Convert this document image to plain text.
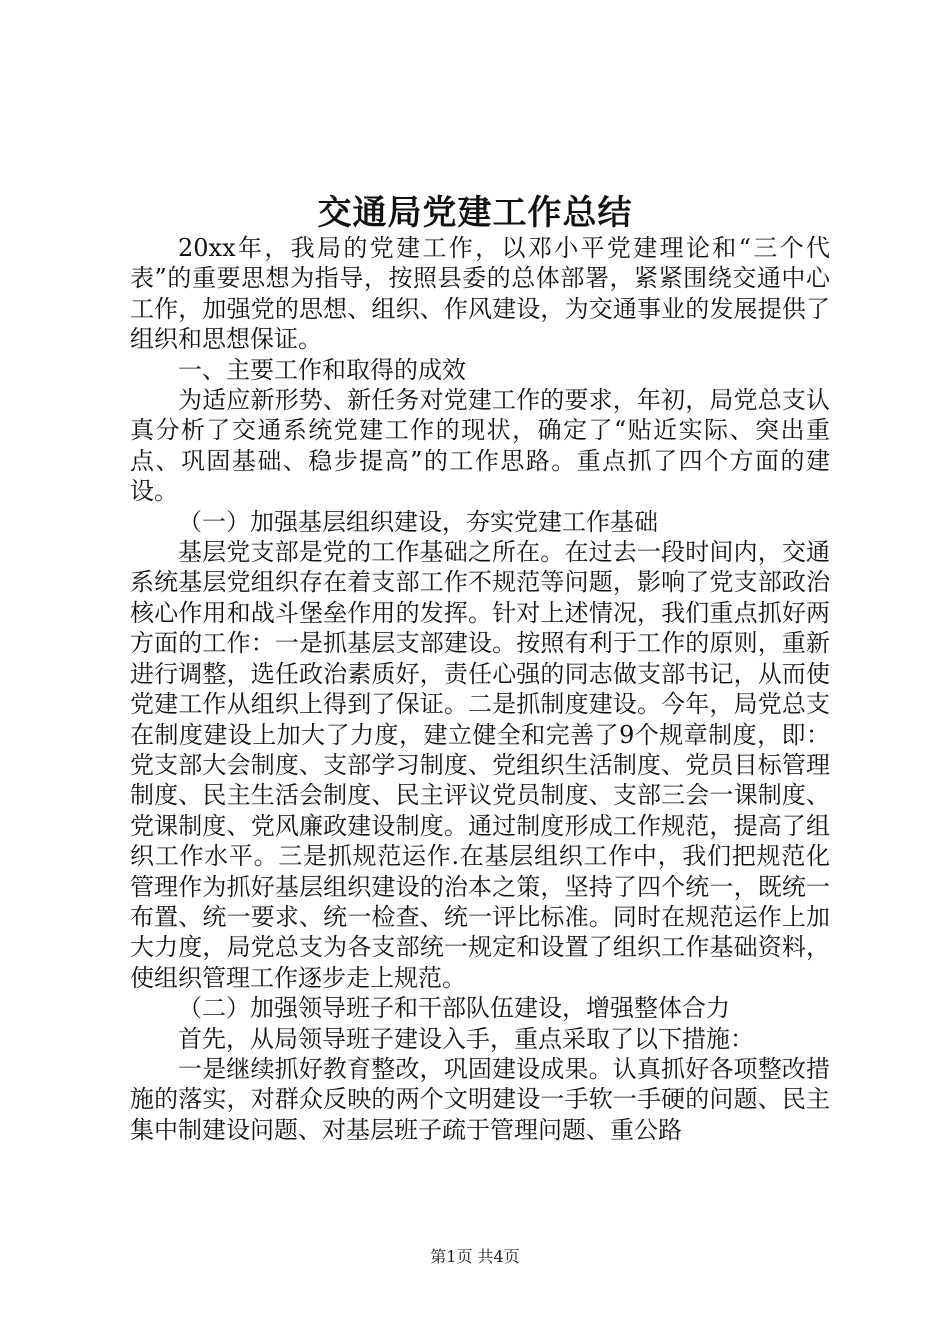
交通局党建工作总结

20xx年，我局的党建工作，以邓小平党建理论和“三个代表”的重要思想为指导，按照县委的总体部署，紧紧围绕交通中心工作，加强党的思想、组织、作风建设，为交通事业的发展提供了组织和思想保证。

一、主要工作和取得的成效

为适应新形势、新任务对党建工作的要求，年初，局党总支认真分析了交通系统党建工作的现状，确定了“贴近实际、突出重点、巩固基础、稳步提高”的工作思路。重点抓了四个方面的建设。

（一）加强基层组织建设，夯实党建工作基础

基层党支部是党的工作基础之所在。在过去一段时间内，交通系统基层党组织存在着支部工作不规范等问题，影响了党支部政治核心作用和战斗堡垒作用的发挥。针对上述情况，我们重点抓好两方面的工作：一是抓基层支部建设。按照有利于工作的原则，重新进行调整，选任政治素质好，责任心强的同志做支部书记，从而使党建工作从组织上得到了保证。二是抓制度建设。今年，局党总支在制度建设上加大了力度，建立健全和完善了9个规章制度，即：党支部大会制度、支部学习制度、党组织生活制度、党员目标管理制度、民主生活会制度、民主评议党员制度、支部三会一课制度、党课制度、党风廉政建设制度。通过制度形成工作规范，提高了组织工作水平。三是抓规范运作.在基层组织工作中，我们把规范化管理作为抓好基层组织建设的治本之策，坚持了四个统一，既统一布置、统一要求、统一检查、统一评比标准。同时在规范运作上加大力度，局党总支为各支部统一规定和设置了组织工作基础资料，使组织管理工作逐步走上规范。

（二）加强领导班子和干部队伍建设，增强整体合力

首先，从局领导班子建设入手，重点采取了以下措施：

一是继续抓好教育整改，巩固建设成果。认真抓好各项整改措施的落实，对群众反映的两个文明建设一手软一手硬的问题、民主集中制建设问题、对基层班子疏于管理问题、重公路

第1页 共4页
